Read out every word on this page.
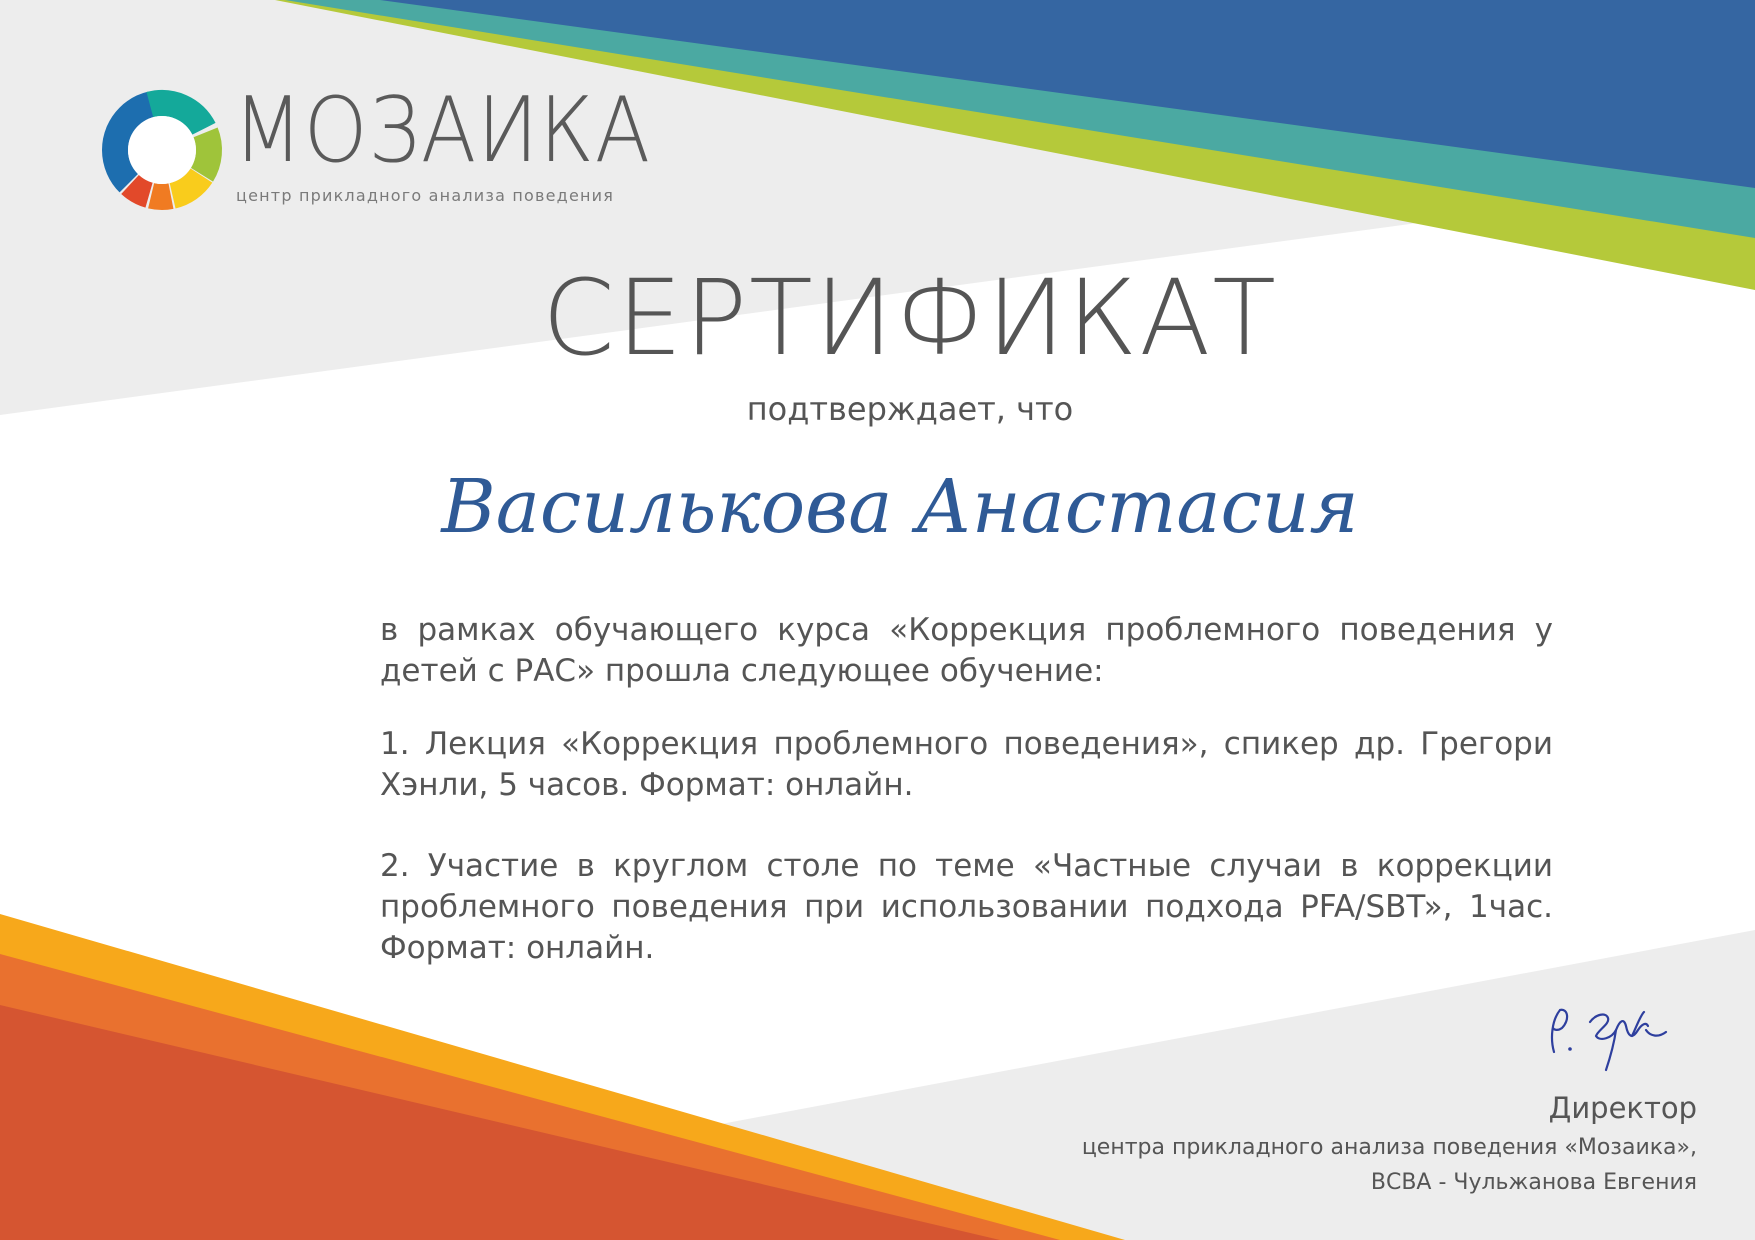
МОЗАИКА
центр прикладного анализа поведения
СЕРТИФИКАТ
подтверждает, что
Василькова Анастасия
в рамках обучающего курса «Коррекция проблемного поведения у детей с РАС» прошла следующее обучение:
1. Лекция «Коррекция проблемного поведения», спикер др. Грегори Хэнли, 5 часов. Формат: онлайн.
2. Участие в круглом столе по теме «Частные случаи в коррекции проблемного поведения при использовании подхода PFA/SBT», 1час. Формат: онлайн.
Директор
центра прикладного анализа поведения «Мозаика»,
ВСВА - Чульжанова Евгения
